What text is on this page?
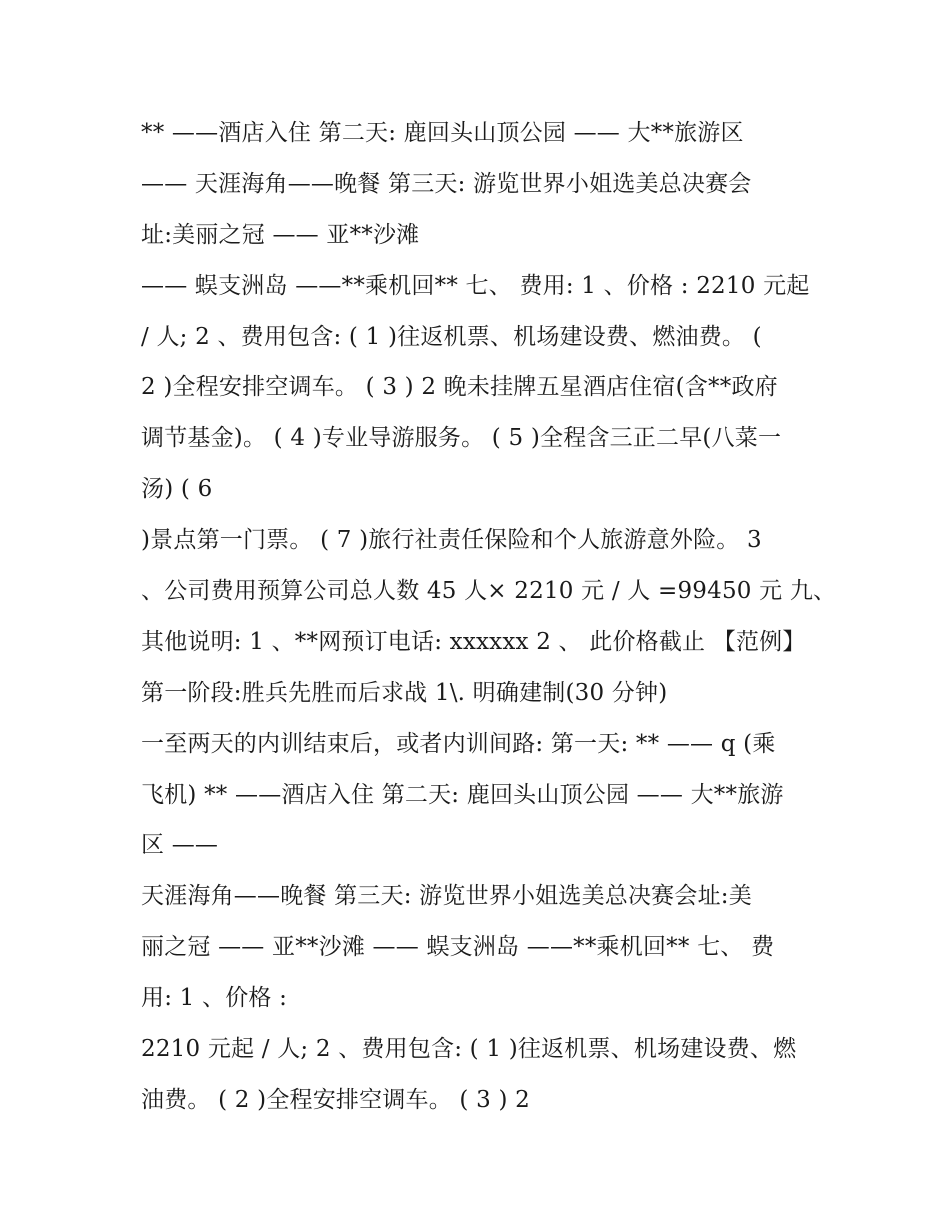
** ——酒店入住 第二天: 鹿回头山顶公园 —— 大**旅游区
—— 天涯海角——晚餐 第三天: 游览世界小姐选美总决赛会
址:美丽之冠 —— 亚**沙滩
—— 蜈支洲岛 ——**乘机回** 七、 费用: 1 、价格 : 2210 元起
/ 人; 2 、费用包含: ( 1 )往返机票、机场建设费、燃油费。 (
2 )全程安排空调车。 ( 3 ) 2 晚未挂牌五星酒店住宿(含**政府
调节基金)。 ( 4 )专业导游服务。 ( 5 )全程含三正二早(八菜一
汤) ( 6
)景点第一门票。 ( 7 )旅行社责任保险和个人旅游意外险。 3
、公司费用预算公司总人数 45 人× 2210 元 / 人 =99450 元 九、
其他说明: 1 、**网预订电话: xxxxxx 2 、 此价格截止 【范例】
第一阶段:胜兵先胜而后求战 1\. 明确建制(30 分钟)
一至两天的内训结束后，或者内训间路: 第一天: ** —— q (乘
飞机) ** ——酒店入住 第二天: 鹿回头山顶公园 —— 大**旅游
区 ——
天涯海角——晚餐 第三天: 游览世界小姐选美总决赛会址:美
丽之冠 —— 亚**沙滩 —— 蜈支洲岛 ——**乘机回** 七、 费
用: 1 、价格 :
2210 元起 / 人; 2 、费用包含: ( 1 )往返机票、机场建设费、燃
油费。 ( 2 )全程安排空调车。 ( 3 ) 2
